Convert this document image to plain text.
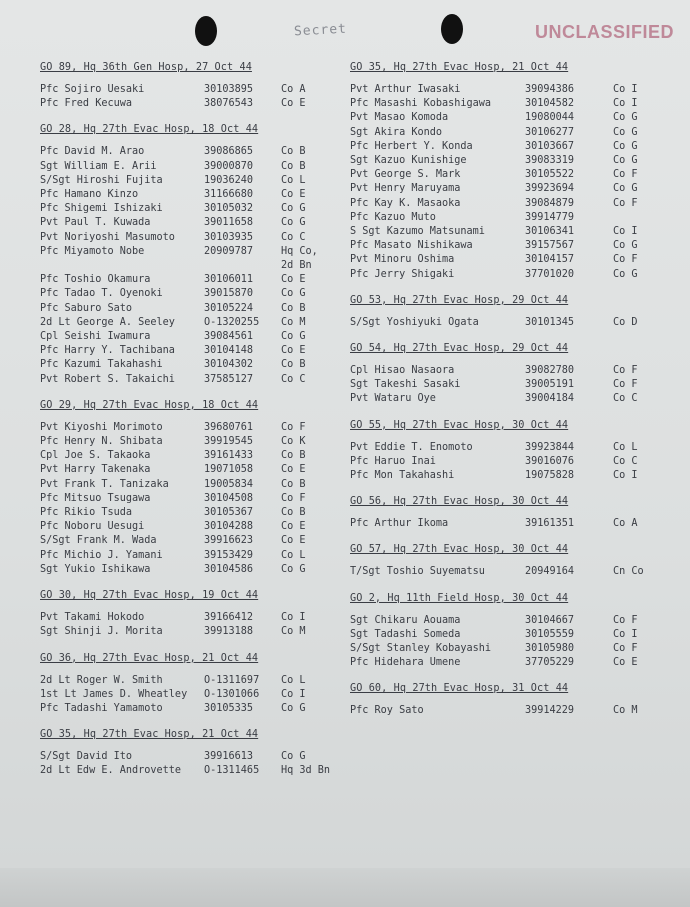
Secret	UNCLASSIFIED
GO 89, Hq 36th Gen Hosp, 27 Oct 44
Pfc Sojiro Uesaki	30103895	Co A
Pfc Fred Kecuwa	38076543	Co E
GO 28, Hq 27th Evac Hosp, 18 Oct 44
Pfc David M. Arao	39086865	Co B
Sgt William E. Arii	39000870	Co B
S/Sgt Hiroshi Fujita	19036240	Co L
Pfc Hamano Kinzo	31166680	Co E
Pfc Shigemi Ishizaki	30105032	Co G
Pvt Paul T. Kuwada	39011658	Co G
Pvt Noriyoshi Masumoto	30103935	Co C
Pfc Miyamoto Nobe	20909787	Hq Co,
2d Bn
Pfc Toshio Okamura	30106011	Co E
Pfc Tadao T. Oyenoki	39015870	Co G
Pfc Saburo Sato	30105224	Co B
2d Lt George A. Seeley	O-1320255	Co M
Cpl Seishi Iwamura	39084561	Co G
Pfc Harry Y. Tachibana	30104148	Co E
Pfc Kazumi Takahashi	30104302	Co B
Pvt Robert S. Takaichi	37585127	Co C
GO 29, Hq 27th Evac Hosp, 18 Oct 44
Pvt Kiyoshi Morimoto	39680761	Co F
Pfc Henry N. Shibata	39919545	Co K
Cpl Joe S. Takaoka	39161433	Co B
Pvt Harry Takenaka	19071058	Co E
Pvt Frank T. Tanizaka	19005834	Co B
Pfc Mitsuo Tsugawa	30104508	Co F
Pfc Rikio Tsuda	30105367	Co B
Pfc Noboru Uesugi	30104288	Co E
S/Sgt Frank M. Wada	39916623	Co E
Pfc Michio J. Yamani	39153429	Co L
Sgt Yukio Ishikawa	30104586	Co G
GO 30, Hq 27th Evac Hosp, 19 Oct 44
Pvt Takami Hokodo	39166412	Co I
Sgt Shinji J. Morita	39913188	Co M
GO 36, Hq 27th Evac Hosp, 21 Oct 44
2d Lt Roger W. Smith	O-1311697	Co L
1st Lt James D. Wheatley	O-1301066	Co I
Pfc Tadashi Yamamoto	30105335	Co G
GO 35, Hq 27th Evac Hosp, 21 Oct 44
S/Sgt David Ito	39916613	Co G
2d Lt Edw E. Androvette	O-1311465	Hq 3d Bn
GO 35, Hq 27th Evac Hosp, 21 Oct 44
Pvt Arthur Iwasaki	39094386	Co I
Pfc Masashi Kobashigawa	30104582	Co I
Pvt Masao Komoda	19080044	Co G
Sgt Akira Kondo	30106277	Co G
Pfc Herbert Y. Konda	30103667	Co G
Sgt Kazuo Kunishige	39083319	Co G
Pvt George S. Mark	30105522	Co F
Pvt Henry Maruyama	39923694	Co G
Pfc Kay K. Masaoka	39084879	Co F
Pfc Kazuo Muto	39914779
S Sgt Kazumo Matsunami	30106341	Co I
Pfc Masato Nishikawa	39157567	Co G
Pvt Minoru Oshima	30104157	Co F
Pfc Jerry Shigaki	37701020	Co G
GO 53, Hq 27th Evac Hosp, 29 Oct 44
S/Sgt Yoshiyuki Ogata	30101345	Co D
GO 54, Hq 27th Evac Hosp, 29 Oct 44
Cpl Hisao Nasaora	39082780	Co F
Sgt Takeshi Sasaki	39005191	Co F
Pvt Wataru Oye	39004184	Co C
GO 55, Hq 27th Evac Hosp, 30 Oct 44
Pvt Eddie T. Enomoto	39923844	Co L
Pfc Haruo Inai	39016076	Co C
Pfc Mon Takahashi	19075828	Co I
GO 56, Hq 27th Evac Hosp, 30 Oct 44
Pfc Arthur Ikoma	39161351	Co A
GO 57, Hq 27th Evac Hosp, 30 Oct 44
T/Sgt Toshio Suyematsu	20949164	Cn Co
GO 2, Hq 11th Field Hosp, 30 Oct 44
Sgt Chikaru Aouama	30104667	Co F
Sgt Tadashi Someda	30105559	Co I
S/Sgt Stanley Kobayashi	30105980	Co F
Pfc Hidehara Umene	37705229	Co E
GO 60, Hq 27th Evac Hosp, 31 Oct 44
Pfc Roy Sato	39914229	Co M
